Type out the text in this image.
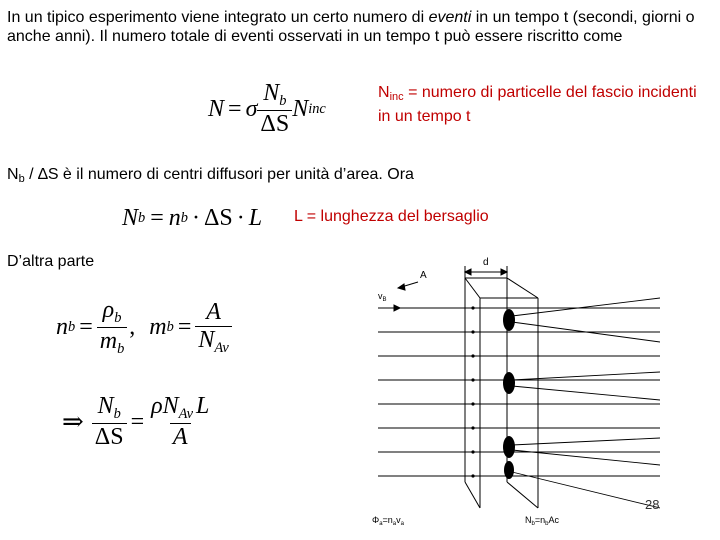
In un tipico esperimento viene integrato un certo numero di eventi in un tempo t (secondi, giorni o anche anni). Il numero totale di eventi osservati in un tempo t può essere riscritto come
N = σ $\frac{N_b}{\Delta S}$ N inc
Ninc = numero di particelle del fascio incidenti in un tempo t
Nb / ∆S è il numero di centri diffusori per unità d’area. Ora
N b = n b · ΔS · L L = lunghezza del bersaglio
D’altra parte
n $b = \frac{\rho_b}{m_b}$ , m $b = \frac{A}{N_{Av}}$
⇒ $\frac{N_b}{\Delta S} = \frac{\rho N_{Av} L}{A}$
d
A
$v_B$
$\Phi_a=n_av_a$	$N_b=n_bAc$
28
